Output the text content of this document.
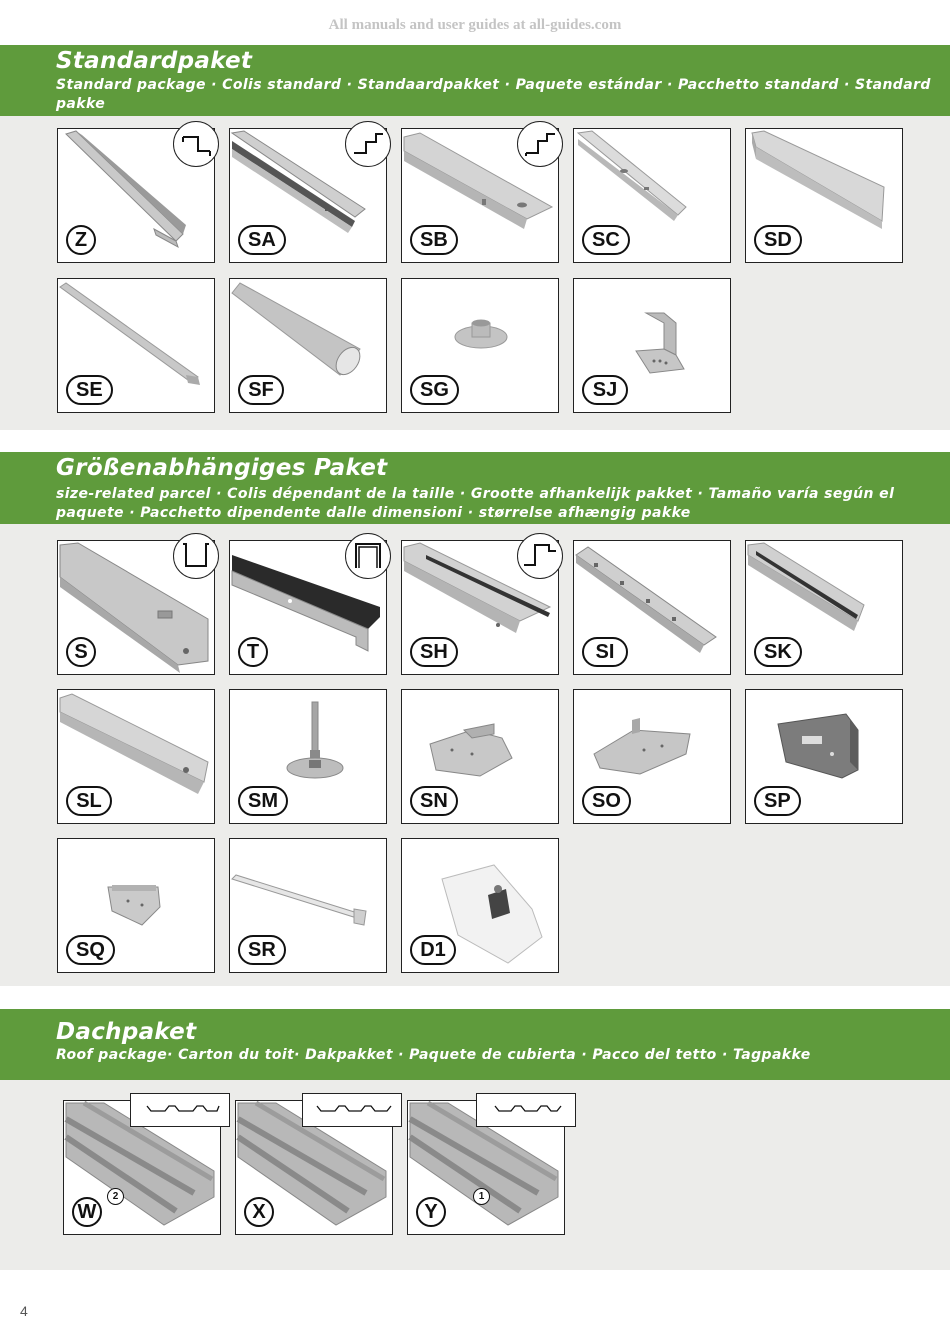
All manuals and user guides at all-guides.com
Standardpaket
Standard package · Colis standard · Standaardpakket · Paquete estándar · Pacchetto standard · Standard pakke
Z	SA	SB	SC	SD
SE	SF	SG	SJ
Größenabhängiges Paket
size-related parcel · Colis dépendant de la taille · Grootte afhankelijk pakket · Tamaño varía según el paquete · Pacchetto dipendente dalle dimensioni · størrelse afhængig pakke
S	T	SH	SI	SK
SL	SM	SN	SO	SP
SQ	SR	D1
Dachpaket
Roof package· Carton du toit· Dakpakket · Paquete de cubierta · Pacco del tetto · Tagpakke
W
2
X	Y
1
4
